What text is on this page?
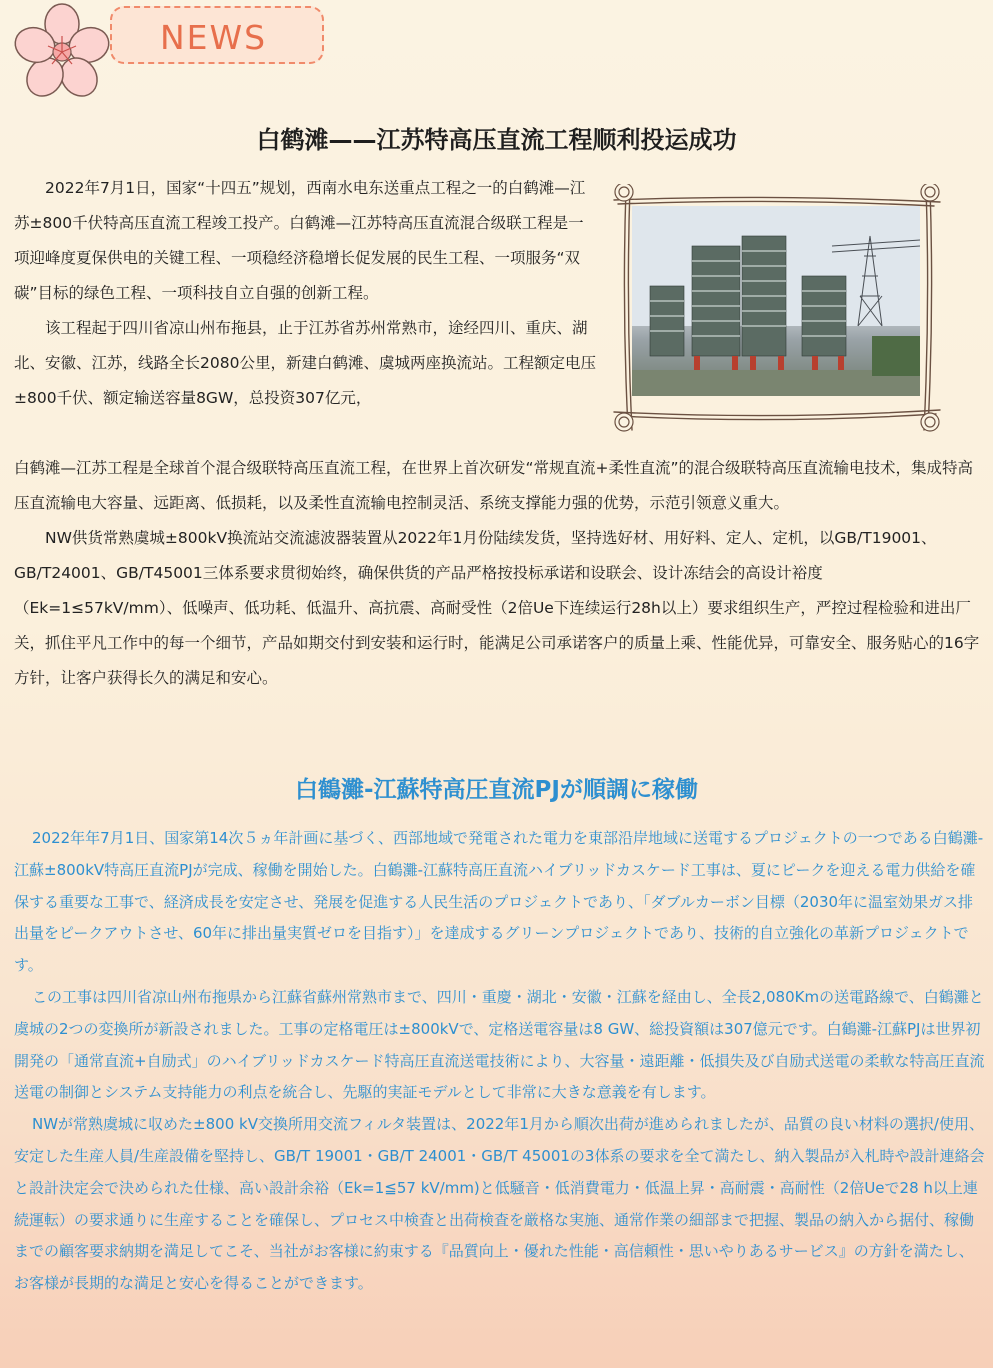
NEWS
白鹤滩——江苏特高压直流工程顺利投运成功

2022年7月1日，国家“十四五”规划，西南水电东送重点工程之一的白鹤滩—江苏±800千伏特高压直流工程竣工投产。白鹤滩—江苏特高压直流混合级联工程是一项迎峰度夏保供电的关键工程、一项稳经济稳增长促发展的民生工程、一项服务“双碳”目标的绿色工程、一项科技自立自强的创新工程。

该工程起于四川省凉山州布拖县，止于江苏省苏州常熟市，途经四川、重庆、湖北、安徽、江苏，线路全长2080公里，新建白鹤滩、虞城两座换流站。工程额定电压±800千伏、额定输送容量8GW，总投资307亿元，

白鹤滩—江苏工程是全球首个混合级联特高压直流工程，在世界上首次研发“常规直流+柔性直流”的混合级联特高压直流输电技术，集成特高压直流输电大容量、远距离、低损耗，以及柔性直流输电控制灵活、系统支撑能力强的优势，示范引领意义重大。

NW供货常熟虞城±800kV换流站交流滤波器装置从2022年1月份陆续发货，坚持选好材、用好料、定人、定机，以GB/T19001、GB/T24001、GB/T45001三体系要求贯彻始终，确保供货的产品严格按投标承诺和设联会、设计冻结会的高设计裕度（Ek=1≤57kV/mm）、低噪声、低功耗、低温升、高抗震、高耐受性（2倍Ue下连续运行28h以上）要求组织生产，严控过程检验和进出厂关，抓住平凡工作中的每一个细节，产品如期交付到安装和运行时，能满足公司承诺客户的质量上乘、性能优异，可靠安全、服务贴心的16字方针，让客户获得长久的满足和安心。

白鶴灘-江蘇特高圧直流PJが順調に稼働

2022年年7月1日、国家第14次５ヵ年計画に基づく、西部地域で発電された電力を東部沿岸地域に送電するプロジェクトの一つである白鶴灘-江蘇±800kV特高圧直流PJが完成、稼働を開始した。白鶴灘-江蘇特高圧直流ハイブリッドカスケード工事は、夏にピークを迎える電力供給を確保する重要な工事で、経済成長を安定させ、発展を促進する人民生活のプロジェクトであり、「ダブルカーボン目標（2030年に温室効果ガス排出量をピークアウトさせ、60年に排出量実質ゼロを目指す）」を達成するグリーンプロジェクトであり、技術的自立強化の革新プロジェクトです。

この工事は四川省凉山州布拖県から江蘇省蘇州常熟市まで、四川・重慶・湖北・安徽・江蘇を経由し、全長2,080Kmの送電路線で、白鶴灘と虞城の2つの変換所が新設されました。工事の定格電圧は±800kVで、定格送電容量は8 GW、総投資額は307億元です。白鶴灘-江蘇PJは世界初開発の「通常直流+自励式」のハイブリッドカスケード特高圧直流送電技術により、大容量・遠距離・低損失及び自励式送電の柔軟な特高圧直流送電の制御とシステム支持能力の利点を統合し、先駆的実証モデルとして非常に大きな意義を有します。

NWが常熟虞城に収めた±800 kV交換所用交流フィルタ装置は、2022年1月から順次出荷が進められましたが、品質の良い材料の選択/使用、安定した生産人員/生産設備を堅持し、GB/T 19001・GB/T 24001・GB/T 45001の3体系の要求を全て満たし、納入製品が入札時や設計連絡会と設計決定会で決められた仕様、高い設計余裕（Ek=1≦57 kV/mm)と低騒音・低消費電力・低温上昇・高耐震・高耐性（2倍Ueで28 h以上連続運転）の要求通りに生産することを確保し、プロセス中検査と出荷検査を厳格な実施、通常作業の細部まで把握、製品の納入から据付、稼働までの顧客要求納期を満足してこそ、当社がお客様に約束する『品質向上・優れた性能・高信頼性・思いやりあるサービス』の方針を満たし、お客様が長期的な満足と安心を得ることができます。
